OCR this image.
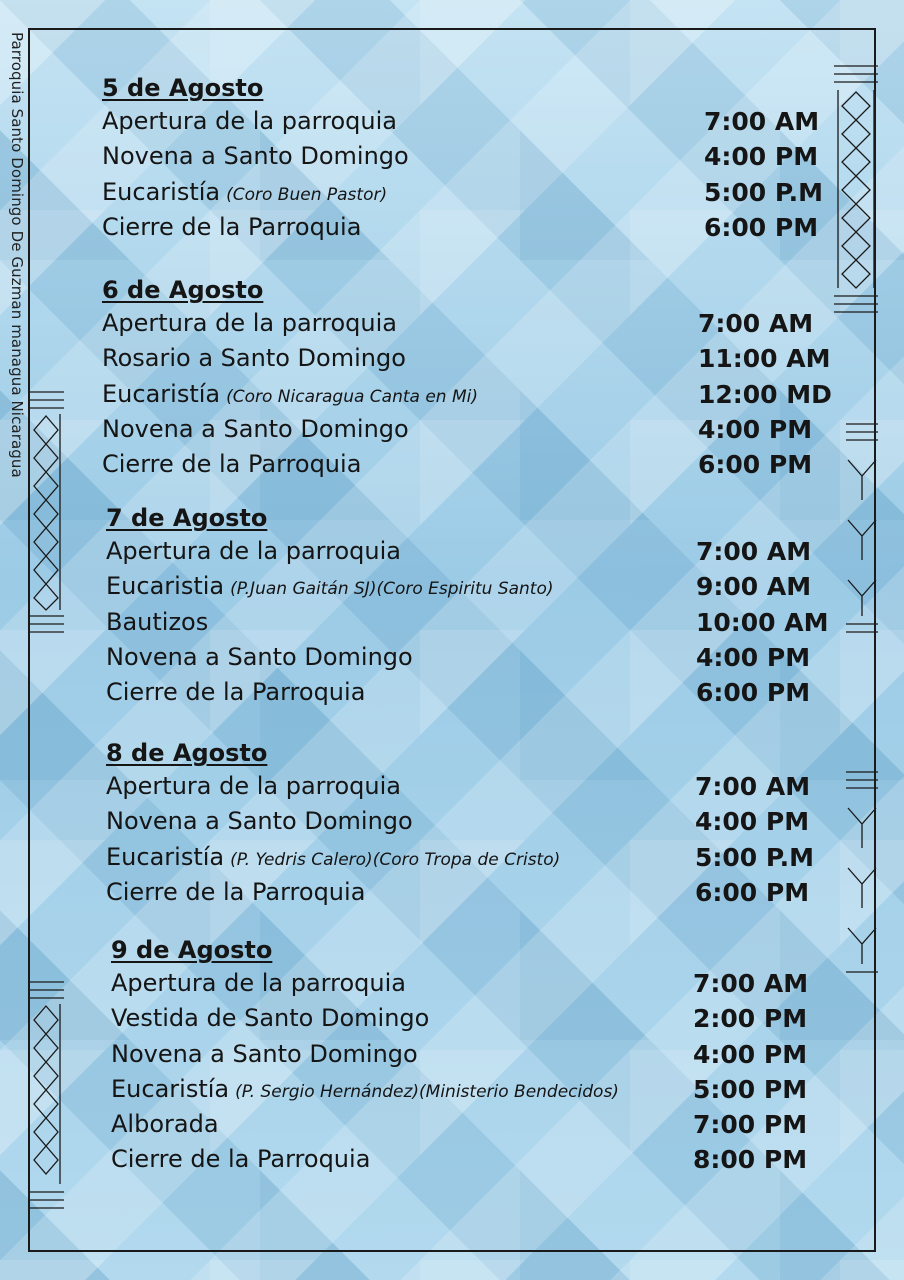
Parroquia Santo Domingo De Guzman managua Nicaragua	5 de Agosto
Apertura de la parroquia	7:00 AM
Novena a Santo Domingo	4:00 PM
Eucaristía (Coro Buen Pastor)	5:00 P.M
Cierre de la Parroquia	6:00 PM
6 de Agosto
Apertura de la parroquia	7:00 AM
Rosario a Santo Domingo	11:00 AM
Eucaristía (Coro Nicaragua Canta en Mi)	12:00 MD
Novena a Santo Domingo	4:00 PM
Cierre de la Parroquia	6:00 PM
7 de Agosto
Apertura de la parroquia	7:00 AM
Eucaristia (P.Juan Gaitán SJ)(Coro Espiritu Santo)	9:00 AM
Bautizos	10:00 AM
Novena a Santo Domingo	4:00 PM
Cierre de la Parroquia	6:00 PM
8 de Agosto
Apertura de la parroquia	7:00 AM
Novena a Santo Domingo	4:00 PM
Eucaristía (P. Yedris Calero)(Coro Tropa de Cristo)	5:00 P.M
Cierre de la Parroquia	6:00 PM
9 de Agosto
Apertura de la parroquia	7:00 AM
Vestida de Santo Domingo	2:00 PM
Novena a Santo Domingo	4:00 PM
Eucaristía (P. Sergio Hernández)(Ministerio Bendecidos)	5:00 PM
Alborada	7:00 PM
Cierre de la Parroquia	8:00 PM
